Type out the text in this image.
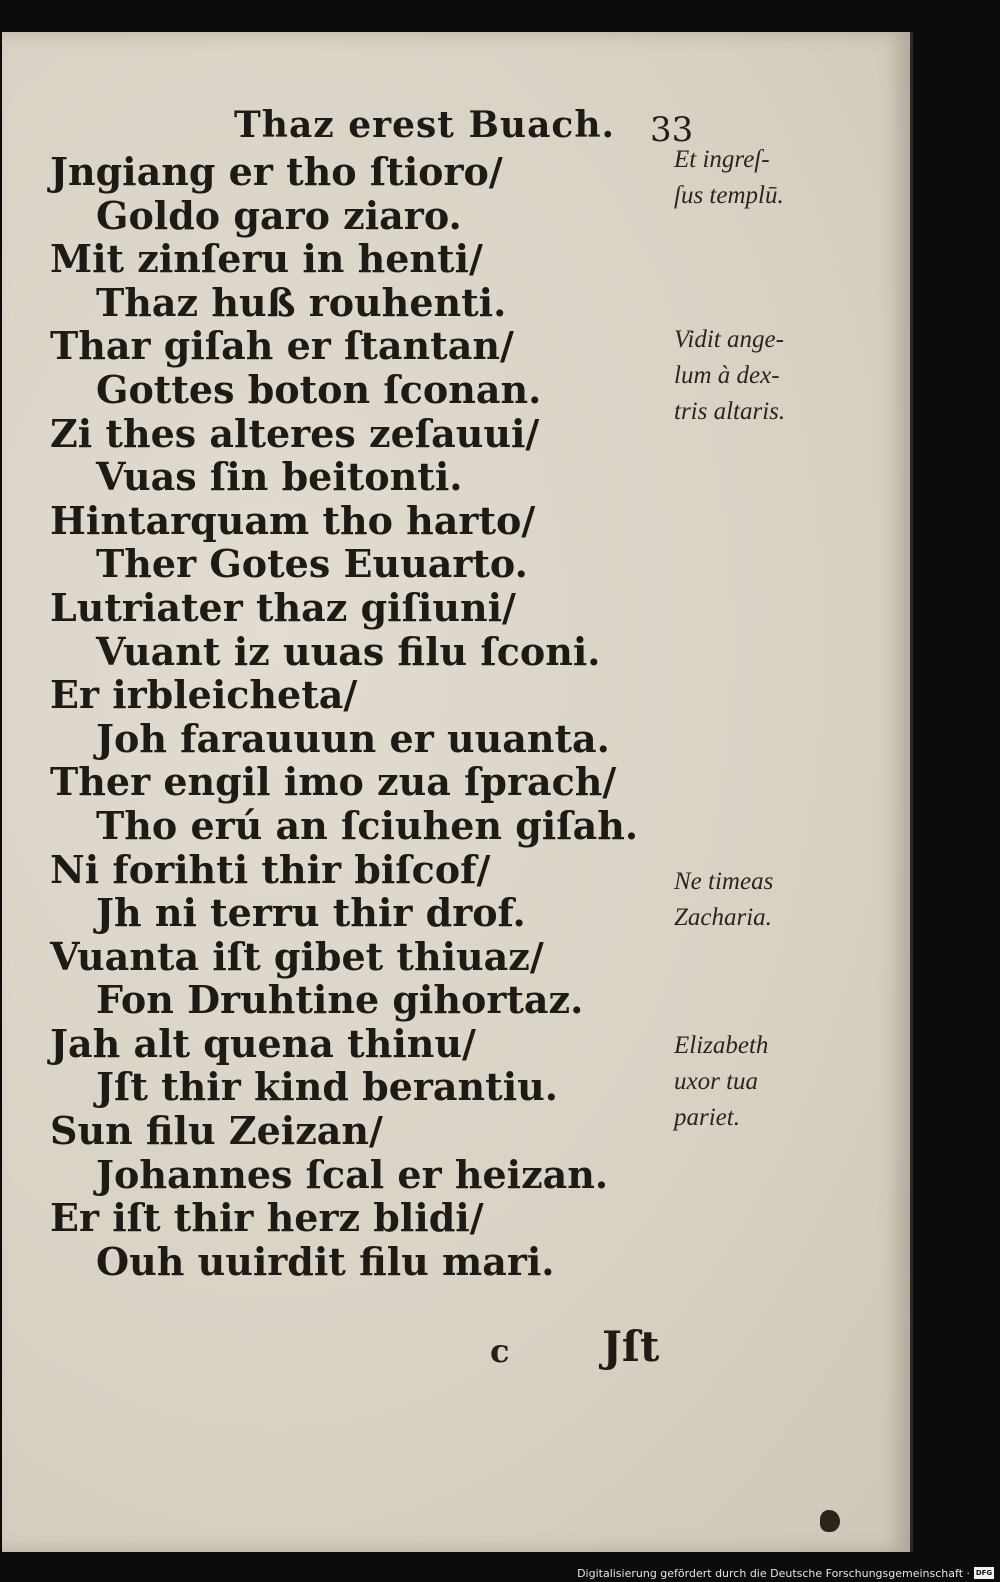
Thaz erest Buach. 33
Jngiang er tho ſtioro/
Goldo garo ziaro.
Mit zinſeru in henti/
Thaz huß rouhenti.
Thar giſah er ſtantan/
Gottes boton ſconan.
Zi thes alteres zeſauui/
Vuas ſin beitonti.
Hintarquam tho harto/
Ther Gotes Euuarto.
Lutriater thaz giſiuni/
Vuant iz uuas filu ſconi.
Er irbleicheta/
Joh farauuun er uuanta.
Ther engil imo zua ſprach/
Tho erú an ſciuhen giſah.
Ni forihti thir biſcof/
Jh ni terru thir drof.
Vuanta iſt gibet thiuaz/
Fon Druhtine gihortaz.
Jah alt quena thinu/
Jſt thir kind berantiu.
Sun filu Zeizan/
Johannes ſcal er heizan.
Er iſt thir herz blidi/
Ouh uuirdit filu mari.
Et ingreſ-
ſus templū.
Vidit ange-
lum à dex-
tris altaris.
Ne timeas
Zacharia.
Elizabeth
uxor tua
pariet.
c Jſt
Digitalisierung gefördert durch die Deutsche Forschungsgemeinschaft · DFG
